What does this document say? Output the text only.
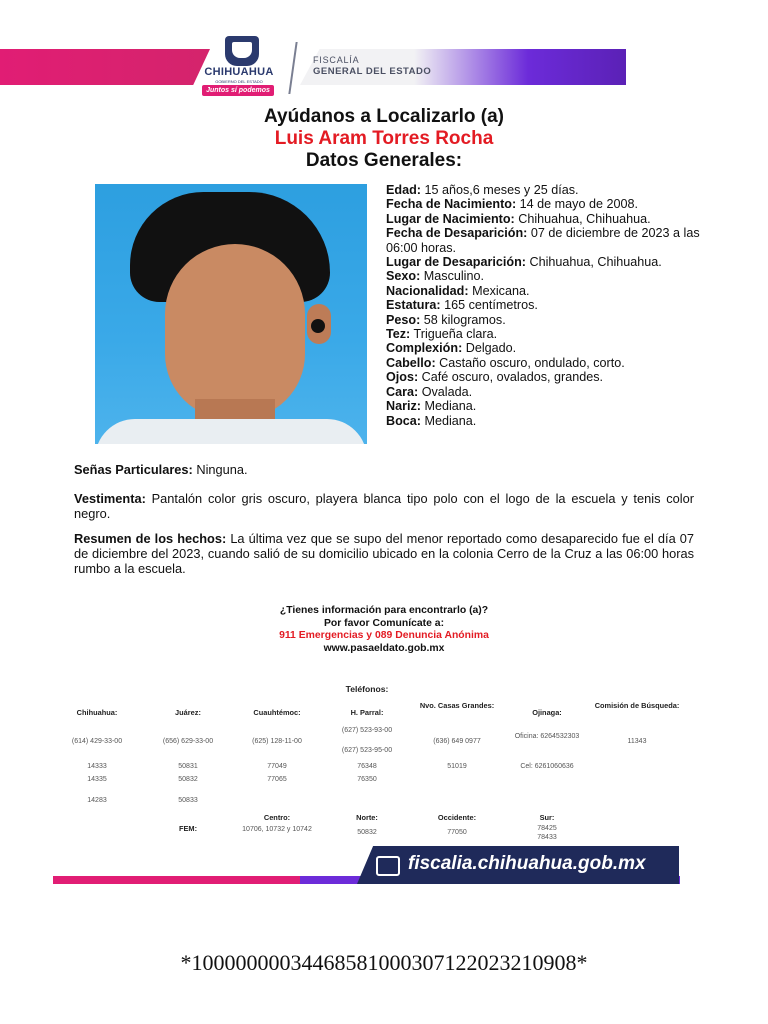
CHIHUAHUA
GOBIERNO DEL ESTADO
Juntos sí podemos
FISCALÍA
GENERAL DEL ESTADO
Ayúdanos a Localizarlo (a)
Luis Aram Torres Rocha
Datos Generales:
Edad: 15 años,6 meses y 25 días.
Fecha de Nacimiento: 14 de mayo de 2008.
Lugar de Nacimiento: Chihuahua, Chihuahua.
Fecha de Desaparición: 07 de diciembre de 2023 a las 06:00 horas.
Lugar de Desaparición: Chihuahua, Chihuahua.
Sexo: Masculino.
Nacionalidad: Mexicana.
Estatura: 165 centímetros.
Peso: 58 kilogramos.
Tez: Trigueña clara.
Complexión: Delgado.
Cabello: Castaño oscuro, ondulado, corto.
Ojos: Café oscuro, ovalados, grandes.
Cara: Ovalada.
Nariz: Mediana.
Boca: Mediana.
Señas Particulares: Ninguna.
Vestimenta: Pantalón color gris oscuro, playera blanca tipo polo con el logo de la escuela y tenis color negro.
Resumen de los hechos: La última vez que se supo del menor reportado como desaparecido fue el día 07 de diciembre del 2023, cuando salió de su domicilio ubicado en la colonia Cerro de la Cruz a las 06:00 horas rumbo a la escuela.
¿Tienes información para encontrarlo (a)?
Por favor Comunícate a:
911 Emergencias y 089 Denuncia Anónima
www.pasaeldato.gob.mx
Teléfonos:
Chihuahua:
(614) 429-33-00
14333
14335
14283
Juárez:
(656) 629-33-00
50831
50832
50833
Cuauhtémoc:
(625) 128-11-00
77049
77065
H. Parral:
(627) 523-93-00
(627) 523-95-00
76348
76350
Nvo. Casas Grandes:
(636) 649 0977
51019
Ojinaga:
Oficina: 6264532303
Cel: 6261060636
Comisión de Búsqueda:
11343
FEM:
Centro:
10706, 10732 y 10742
Norte:
50832
Occidente:
77050
Sur:
78425
78433
fiscalia.chihuahua.gob.mx
*10000000034468581000307122023210908*
